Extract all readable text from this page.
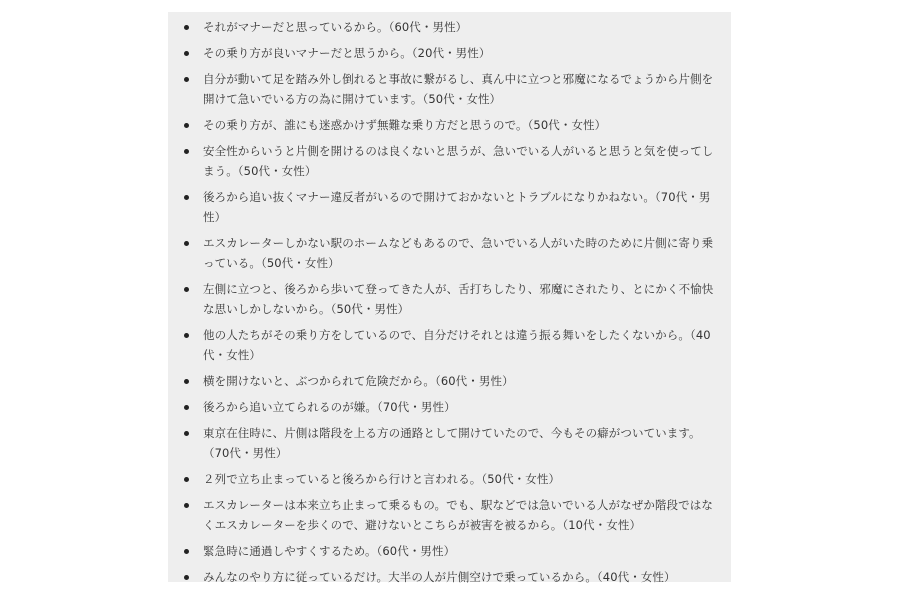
それがマナーだと思っているから。（60代・男性）
その乗り方が良いマナーだと思うから。（20代・男性）
自分が動いて足を踏み外し倒れると事故に繋がるし、真ん中に立つと邪魔になるでょうから片側を開けて急いでいる方の為に開けています。（50代・女性）
その乗り方が、誰にも迷惑かけず無難な乗り方だと思うので。（50代・女性）
安全性からいうと片側を開けるのは良くないと思うが、急いでいる人がいると思うと気を使ってしまう。（50代・女性）
後ろから追い抜くマナー違反者がいるので開けておかないとトラブルになりかねない。（70代・男性）
エスカレーターしかない駅のホームなどもあるので、急いでいる人がいた時のために片側に寄り乗っている。（50代・女性）
左側に立つと、後ろから歩いて登ってきた人が、舌打ちしたり、邪魔にされたり、とにかく不愉快な思いしかしないから。（50代・男性）
他の人たちがその乗り方をしているので、自分だけそれとは違う振る舞いをしたくないから。（40代・女性）
横を開けないと、ぶつかられて危険だから。（60代・男性）
後ろから追い立てられるのが嫌。（70代・男性）
東京在住時に、片側は階段を上る方の通路として開けていたので、今もその癖がついています。（70代・男性）
２列で立ち止まっていると後ろから行けと言われる。（50代・女性）
エスカレーターは本来立ち止まって乗るもの。でも、駅などでは急いでいる人がなぜか階段ではなくエスカレーターを歩くので、避けないとこちらが被害を被るから。（10代・女性）
緊急時に通過しやすくするため。（60代・男性）
みんなのやり方に従っているだけ。大半の人が片側空けで乗っているから。（40代・女性）
